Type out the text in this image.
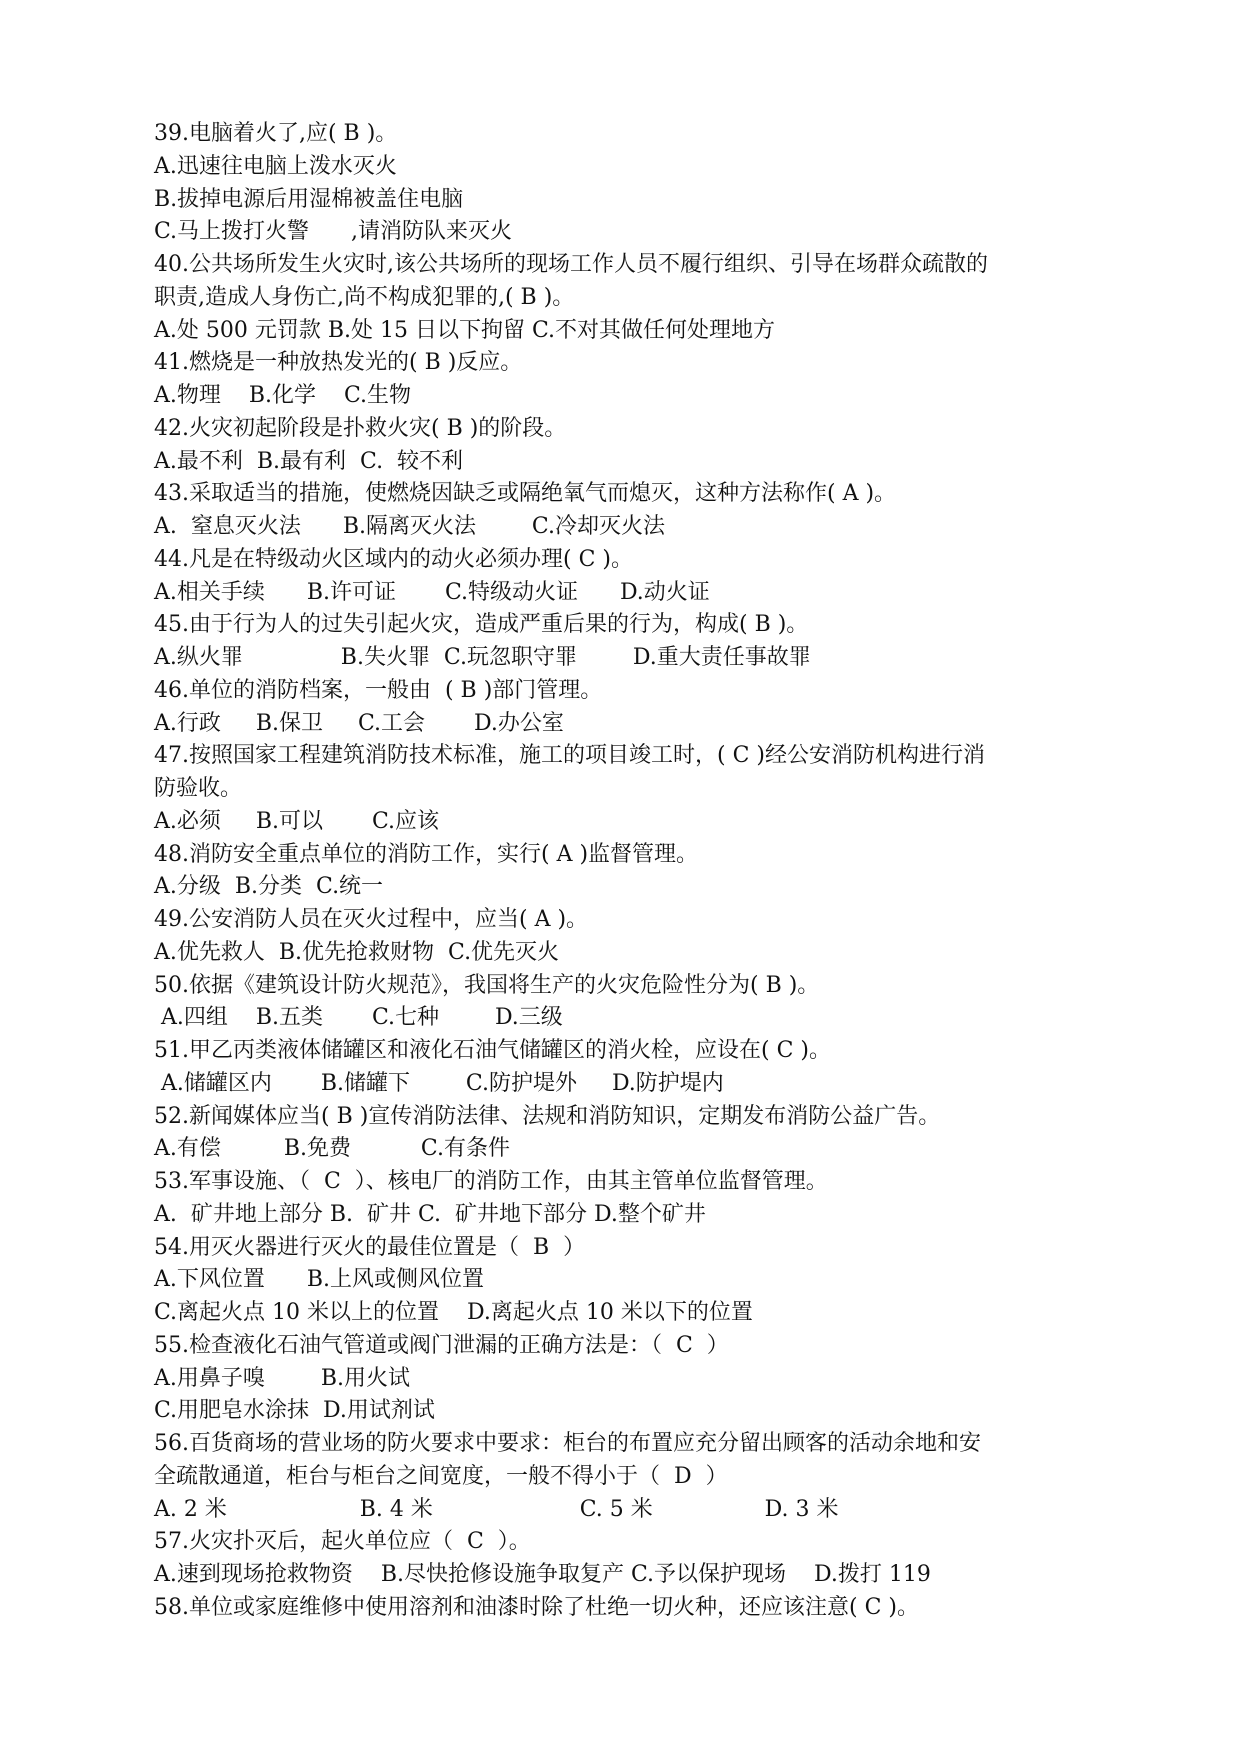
39.电脑着火了,应( B )。
A.迅速往电脑上泼水灭火
B.拔掉电源后用湿棉被盖住电脑
C.马上拨打火警      ,请消防队来灭火
40.公共场所发生火灾时,该公共场所的现场工作人员不履行组织、引导在场群众疏散的
职责,造成人身伤亡,尚不构成犯罪的,( B )。
A.处 500 元罚款 B.处 15 日以下拘留 C.不对其做任何处理地方
41.燃烧是一种放热发光的( B )反应。
A.物理    B.化学    C.生物
42.火灾初起阶段是扑救火灾( B )的阶段。
A.最不利  B.最有利  C.  较不利
43.采取适当的措施，使燃烧因缺乏或隔绝氧气而熄灭，这种方法称作( A )。
A.  窒息灭火法      B.隔离灭火法        C.冷却灭火法
44.凡是在特级动火区域内的动火必须办理( C )。
A.相关手续      B.许可证       C.特级动火证      D.动火证
45.由于行为人的过失引起火灾，造成严重后果的行为，构成( B )。
A.纵火罪              B.失火罪  C.玩忽职守罪        D.重大责任事故罪
46.单位的消防档案，一般由  ( B )部门管理。
A.行政     B.保卫     C.工会       D.办公室
47.按照国家工程建筑消防技术标准，施工的项目竣工时，( C )经公安消防机构进行消
防验收。
A.必须     B.可以       C.应该
48.消防安全重点单位的消防工作，实行( A )监督管理。
A.分级  B.分类  C.统一
49.公安消防人员在灭火过程中，应当( A )。
A.优先救人  B.优先抢救财物  C.优先灭火
50.依据《建筑设计防火规范》，我国将生产的火灾危险性分为( B )。
A.四组    B.五类       C.七种        D.三级
51.甲乙丙类液体储罐区和液化石油气储罐区的消火栓，应设在( C )。
A.储罐区内       B.储罐下        C.防护堤外     D.防护堤内
52.新闻媒体应当( B )宣传消防法律、法规和消防知识，定期发布消防公益广告。
A.有偿         B.免费          C.有条件
53.军事设施、（  C  ）、核电厂的消防工作，由其主管单位监督管理。
A.  矿井地上部分 B.  矿井 C.  矿井地下部分 D.整个矿井
54.用灭火器进行灭火的最佳位置是（  B  ）
A.下风位置      B.上风或侧风位置
C.离起火点 10 米以上的位置    D.离起火点 10 米以下的位置
55.检查液化石油气管道或阀门泄漏的正确方法是：（  C  ）
A.用鼻子嗅        B.用火试
C.用肥皂水涂抹  D.用试剂试
56.百货商场的营业场的防火要求中要求：柜台的布置应充分留出顾客的活动余地和安
全疏散通道，柜台与柜台之间宽度，一般不得小于（  D  ）
A. 2 米                   B. 4 米                     C. 5 米                D. 3 米
57.火灾扑灭后，起火单位应（  C  ）。
A.速到现场抢救物资    B.尽快抢修设施争取复产 C.予以保护现场    D.拨打 119
58.单位或家庭维修中使用溶剂和油漆时除了杜绝一切火种，还应该注意( C )。
